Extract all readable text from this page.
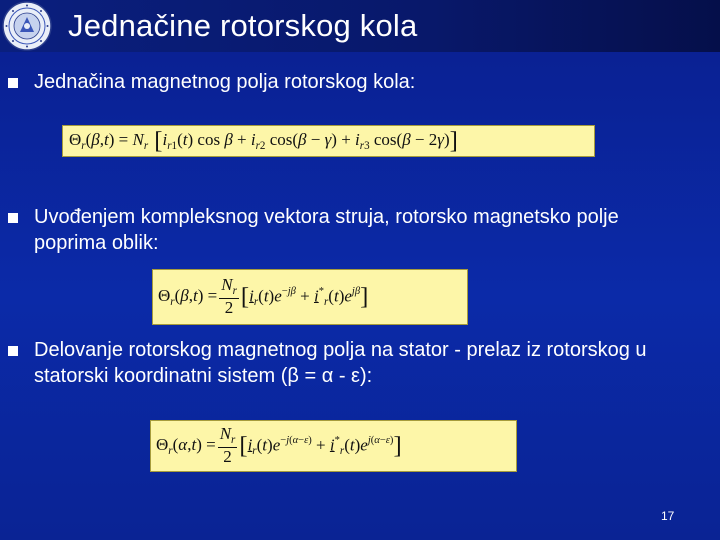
Jednačine rotorskog kola
Jednačina magnetnog polja rotorskog kola:
$\Theta_r(\beta,t) = N_r$ [ $i_{r1}(t)$ $\cos \beta + i_{r2}$ $\cos(\beta - \gamma) + i_{r3}$ cos(β − 2γ) ]
Uvođenjem kompleksnog vektora struja, rotorsko magnetsko polje poprima oblik:
$\Theta_r(\beta,t) = \frac{N_r}{2}$ [ $i_r(t)e^{-j\beta} + i^*_r(t)e^{j\beta}$ ]
Delovanje rotorskog magnetnog polja na stator - prelaz iz rotorskog u statorski koordinatni sistem (β = α - ε):
$\Theta_r(\alpha,t) = \frac{N_r}{2}$ [ $i_r(t)e^{-j(\alpha-\varepsilon)} + i^*_r(t)e^{j(\alpha-\varepsilon)}$ ]
17
